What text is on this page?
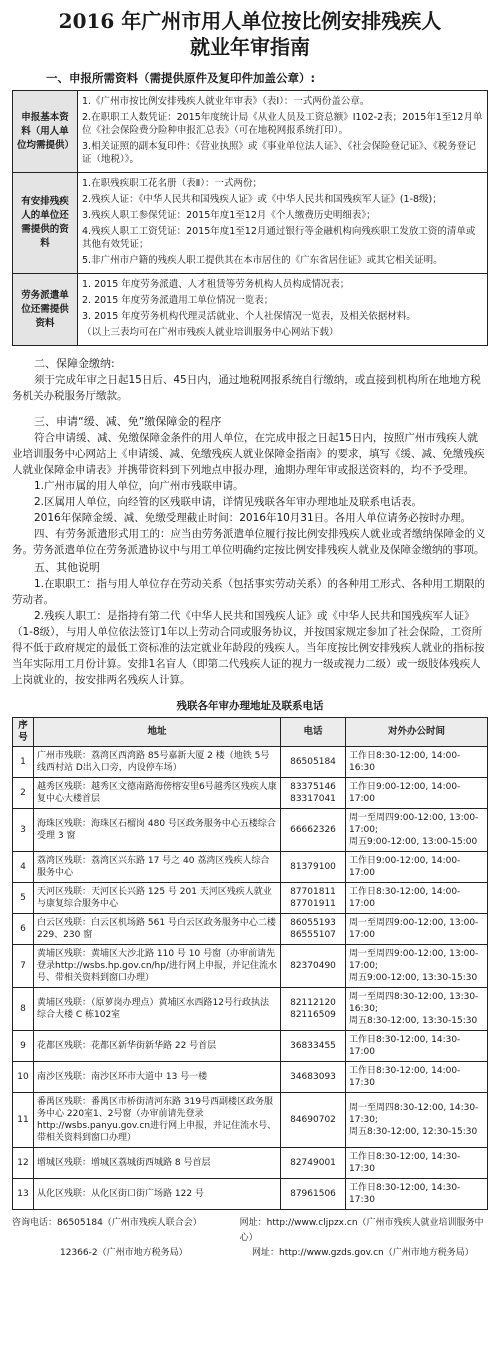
2016 年广州市用人单位按比例安排残疾人
就业年审指南
一、申报所需资料（需提供原件及复印件加盖公章）:
申报基本资料（用人单位均需提供）	1.《广州市按比例安排残疾人就业年审表》（表Ⅰ）：一式两份盖公章。
2.在职职工人数凭证：2015年度统计局《从业人员及工资总额》I102-2表；2015年1至12月单位《社会保险费分险种申报汇总表》（可在地税网报系统打印）。
3.相关证照的副本复印件：《营业执照》或《事业单位法人证》、《社会保险登记证》、《税务登记证（地税）》。

有安排残疾人的单位还需提供的资料	1.在职残疾职工花名册（表Ⅱ）：一式两份；
2.残疾人证：《中华人民共和国残疾人证》或《中华人民共和国残疾军人证》(1-8级)；
3.残疾人职工参保凭证：2015年度1至12月《个人缴费历史明细表》；
4.残疾人职工工资凭证：2015年度1至12月通过银行等金融机构向残疾职工发放工资的清单或其他有效凭证；
5.非广州市户籍的残疾人职工提供其在本市居住的《广东省居住证》或其它相关证明。

劳务派遣单位还需提供资料	1. 2015 年度劳务派遣、人才租赁等劳务机构人员构成情况表；
2. 2015 年度劳务派遣用工单位情况一览表；
3. 2015 年度劳务机构代理灵活就业、个人社保情况一览表，及相关依据材料。
（以上三表均可在广州市残疾人就业培训服务中心网站下载）

二、保障金缴纳:

须于完成年审之日起15日后、45日内，通过地税网报系统自行缴纳，或直接到机构所在地地方税务机关办税服务厅缴款。

三、申请“缓、减、免”缴保障金的程序

符合申请缓、减、免缴保障金条件的用人单位，在完成申报之日起15日内，按照广州市残疾人就业培训服务中心网站上《申请缓、减、免缴残疾人就业保障金指南》的要求，填写《缓、减、免缴残疾人就业保障金申请表》并携带资料到下列地点申报办理，逾期办理年审或报送资料的，均不予受理。

1.广州市属的用人单位，向广州市残联申请。

2.区属用人单位，向经管的区残联申请，详情见残联各年审办理地址及联系电话表。

2016年保障金缓、减、免缴受理截止时间：2016年10月31日。各用人单位请务必按时办理。

四、有劳务派遣形式用工的：应当由劳务派遣单位履行按比例安排残疾人就业或者缴纳保障金的义务。劳务派遣单位在劳务派遣协议中与用工单位明确约定按比例安排残疾人就业及保障金缴纳的事项。

五、其他说明

1.在职职工：指与用人单位存在劳动关系（包括事实劳动关系）的各种用工形式、各种用工期限的劳动者。

2.残疾人职工：是指持有第二代《中华人民共和国残疾人证》或《中华人民共和国残疾军人证》（1-8级），与用人单位依法签订1年以上劳动合同或服务协议，并按国家规定参加了社会保险，工资所得不低于政府规定的最低工资标准的法定就业年龄段的残疾人。当年度按比例安排残疾人就业的指标按当年实际用工月份计算。安排1名盲人（即第二代残疾人证的视力一级或视力二级）或一级肢体残疾人上岗就业的，按安排两名残疾人计算。

残联各年审办理地址及联系电话
序号	地址	电话	对外办公时间
1	广州市残联：荔湾区西湾路 85号嘉新大厦 2 楼（地铁 5号线西村站 D出入口旁，内设停车场）	86505184	工作日8:30-12:00, 14:00-16:30
2	越秀区残联：越秀区文德南路海傍榕安里6号越秀区残疾人康复中心大楼首层	83375146
83317041	工作日9:00-12:00, 14:00-17:00
3	海珠区残联：海珠区石榴岗 480 号区政务服务中心五楼综合受理 3 窗	66662326	周一至周四9:00-12:00, 13:00-17:00;
周五9:00-12:00, 13:00-15:00
4	荔湾区残联：荔湾区兴东路 17 号之 40 荔湾区残疾人综合服务中心	81379100	工作日9:00-12:00, 14:00-17:00
5	天河区残联：天河区长兴路 125 号 201 天河区残疾人就业与康复综合服务中心	87701811
87701911	工作日8:30-12:00, 14:00-17:00
6	白云区残联：白云区机场路 561 号白云区政务服务中心二楼 229、230 窗	86055193
86555107	周一至周四9:00-12:00, 13:00-17:00
7	黄埔区残联：黄埔区大沙北路 110 号 10 号窗（办审前请先登录http://wsbs.hp.gov.cn/hp/进行网上申报，并记住流水号、带相关资料到窗口办理）	82370490	周一至周四9:00-12:00, 13:00-17:00;
周五9:00-12:00, 13:30-15:30
8	黄埔区残联：（原萝岗办理点）黄埔区水西路12号行政执法综合大楼 C 栋102室	82112120
82116509	周一至周四8:30-12:00, 13:30-16:30;
周五8:30-12:00, 13:30-15:30
9	花都区残联：花都区新华街新华路 22 号首层	36833455	工作日8:30-12:00, 14:30-17:00
10	南沙区残联：南沙区环市大道中 13 号一楼	34683093	工作日8:30-12:00, 14:00-17:30
11	番禺区残联：番禺区市桥街清河东路 319号西副楼区政务服务中心 220室1、2号窗（办审前请先登录http://wsbs.panyu.gov.cn进行网上申报，并记住流水号、带相关资料到窗口办理）	84690702	周一至周四8:30-12:00, 14:30-17:30;
周五8:30-12:00, 12:30-15:30
12	增城区残联：增城区荔城街西城路 8 号首层	82749001	工作日8:30-12:00, 14:30-17:30
13	从化区残联：从化区街口街广场路 122 号	87961506	工作日8:30-12:00, 14:30-17:30
咨询电话：86505184（广州市残疾人联合会）	网址：http://www.cljpzx.cn（广州市残疾人就业培训服务中心）
12366-2（广州市地方税务局）	网址：http://www.gzds.gov.cn（广州市地方税务局）
